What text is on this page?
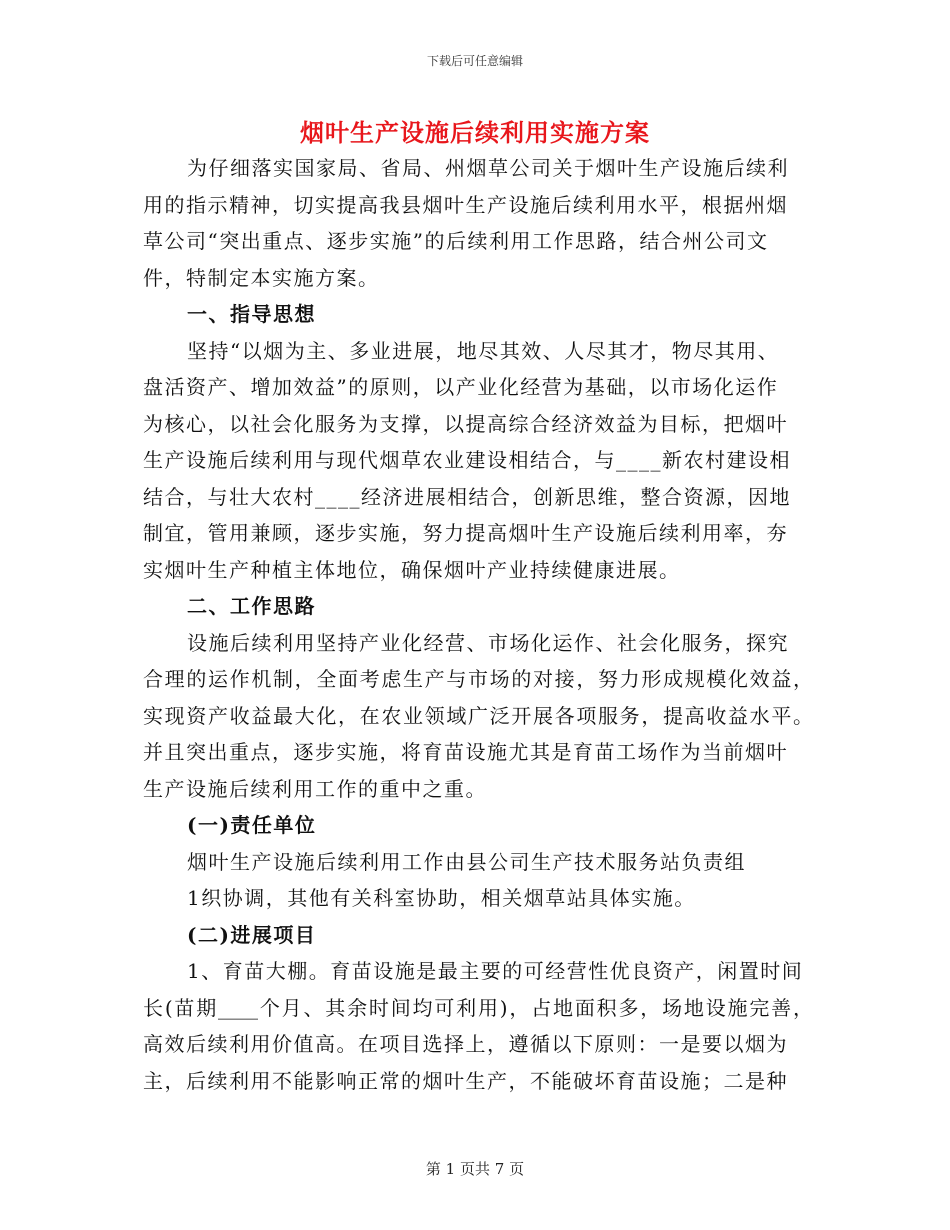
下载后可任意编辑
烟叶生产设施后续利用实施方案
为仔细落实国家局、省局、州烟草公司关于烟叶生产设施后续利
用的指示精神，切实提高我县烟叶生产设施后续利用水平，根据州烟
草公司“突出重点、逐步实施”的后续利用工作思路，结合州公司文
件，特制定本实施方案。
一、指导思想
坚持“以烟为主、多业进展，地尽其效、人尽其才，物尽其用、
盘活资产、增加效益”的原则，以产业化经营为基础，以市场化运作
为核心，以社会化服务为支撑，以提高综合经济效益为目标，把烟叶
生产设施后续利用与现代烟草农业建设相结合，与____新农村建设相
结合，与壮大农村____经济进展相结合，创新思维，整合资源，因地
制宜，管用兼顾，逐步实施，努力提高烟叶生产设施后续利用率，夯
实烟叶生产种植主体地位，确保烟叶产业持续健康进展。
二、工作思路
设施后续利用坚持产业化经营、市场化运作、社会化服务，探究
合理的运作机制，全面考虑生产与市场的对接，努力形成规模化效益，
实现资产收益最大化，在农业领域广泛开展各项服务，提高收益水平。
并且突出重点，逐步实施，将育苗设施尤其是育苗工场作为当前烟叶
生产设施后续利用工作的重中之重。
(一)责任单位
烟叶生产设施后续利用工作由县公司生产技术服务站负责组
1织协调，其他有关科室协助，相关烟草站具体实施。
(二)进展项目
1、育苗大棚。育苗设施是最主要的可经营性优良资产，闲置时间
长(苗期____个月、其余时间均可利用)，占地面积多，场地设施完善，
高效后续利用价值高。在项目选择上，遵循以下原则：一是要以烟为
主，后续利用不能影响正常的烟叶生产，不能破坏育苗设施；二是种
第 1 页共 7 页
